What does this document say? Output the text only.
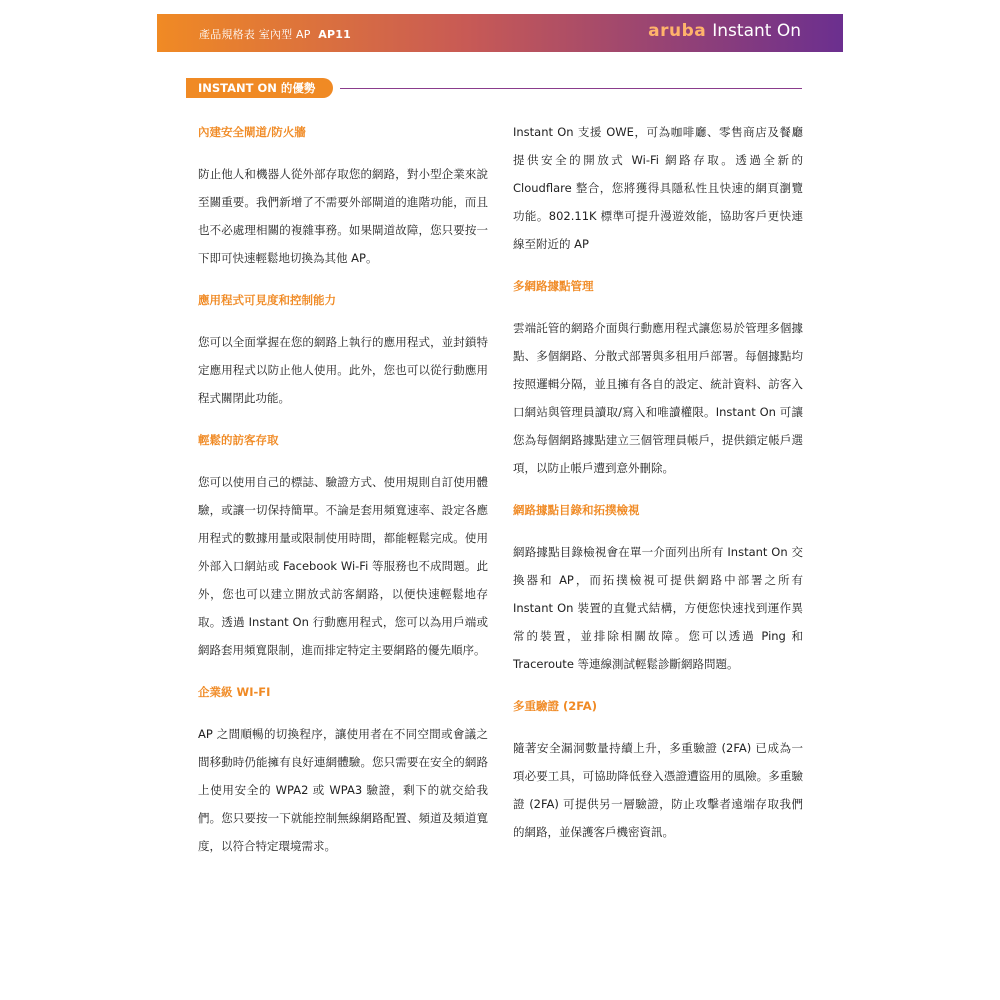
產品規格表 室內型 AP AP11	aruba Instant On
INSTANT ON 的優勢
內建安全閘道/防火牆
防止他人和機器人從外部存取您的網路，對小型企業來說至關重要。我們新增了不需要外部閘道的進階功能，而且也不必處理相關的複雜事務。如果閘道故障，您只要按一下即可快速輕鬆地切換為其他 AP。
應用程式可見度和控制能力
您可以全面掌握在您的網路上執行的應用程式，並封鎖特定應用程式以防止他人使用。此外，您也可以從行動應用程式關閉此功能。
輕鬆的訪客存取
您可以使用自己的標誌、驗證方式、使用規則自訂使用體驗，或讓一切保持簡單。不論是套用頻寬速率、設定各應用程式的數據用量或限制使用時間，都能輕鬆完成。使用外部入口網站或 Facebook Wi-Fi 等服務也不成問題。此外，您也可以建立開放式訪客網路，以便快速輕鬆地存取。透過 Instant On 行動應用程式，您可以為用戶端或網路套用頻寬限制，進而排定特定主要網路的優先順序。
企業級 WI-FI
AP 之間順暢的切換程序，讓使用者在不同空間或會議之間移動時仍能擁有良好連網體驗。您只需要在安全的網路上使用安全的 WPA2 或 WPA3 驗證，剩下的就交給我們。您只要按一下就能控制無線網路配置、頻道及頻道寬度，以符合特定環境需求。
Instant On 支援 OWE，可為咖啡廳、零售商店及餐廳提供安全的開放式 Wi-Fi 網路存取。透過全新的 Cloudflare 整合，您將獲得具隱私性且快速的網頁瀏覽功能。802.11K 標準可提升漫遊效能，協助客戶更快連線至附近的 AP
多網路據點管理
雲端託管的網路介面與行動應用程式讓您易於管理多個據點、多個網路、分散式部署與多租用戶部署。每個據點均按照邏輯分隔，並且擁有各自的設定、統計資料、訪客入口網站與管理員讀取/寫入和唯讀權限。Instant On 可讓您為每個網路據點建立三個管理員帳戶，提供鎖定帳戶選項，以防止帳戶遭到意外刪除。
網路據點目錄和拓撲檢視
網路據點目錄檢視會在單一介面列出所有 Instant On 交換器和 AP，而拓撲檢視可提供網路中部署之所有 Instant On 裝置的直覺式結構，方便您快速找到運作異常的裝置，並排除相關故障。您可以透過 Ping 和 Traceroute 等連線測試輕鬆診斷網路問題。
多重驗證 (2FA)
隨著安全漏洞數量持續上升，多重驗證 (2FA) 已成為一項必要工具，可協助降低登入憑證遭盜用的風險。多重驗證 (2FA) 可提供另一層驗證，防止攻擊者遠端存取我們的網路，並保護客戶機密資訊。
